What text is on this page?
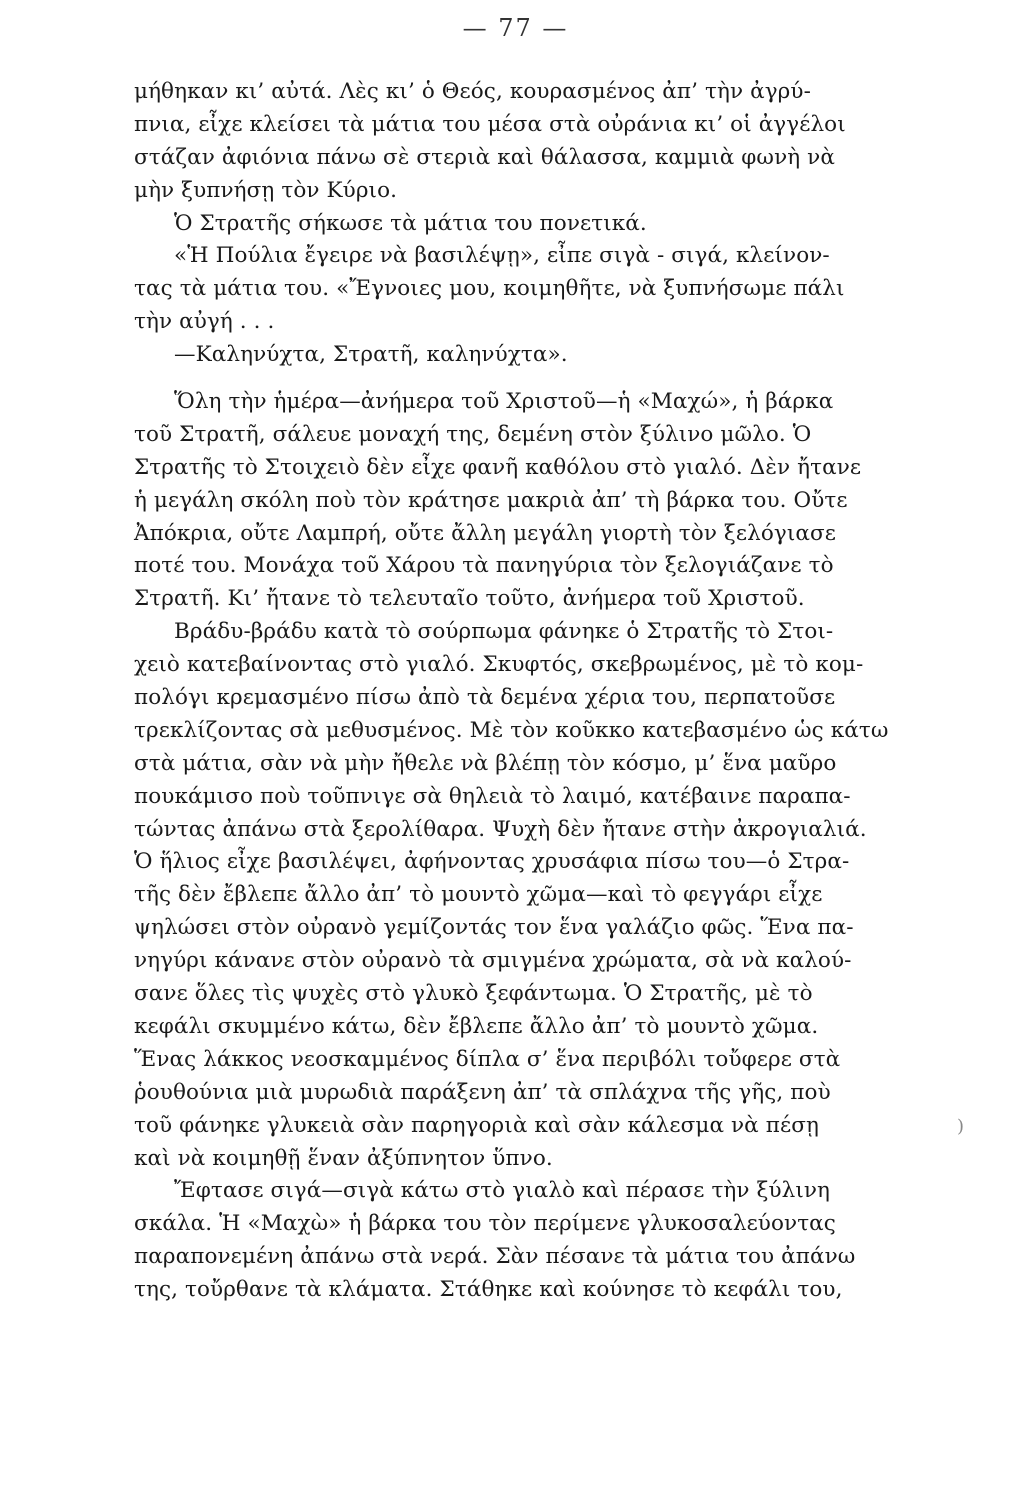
— 77 —
μήθηκαν κι’ αὐτά. Λὲς κι’ ὁ Θεός, κουρασμένος ἀπ’ τὴν ἀγρύ-
πνια, εἶχε κλείσει τὰ μάτια του μέσα στὰ οὐράνια κι’ οἱ ἀγγέλοι
στάζαν ἀφιόνια πάνω σὲ στεριὰ καὶ θάλασσα, καμμιὰ φωνὴ νὰ
μὴν ξυπνήσῃ τὸν Κύριο.
Ὁ Στρατῆς σήκωσε τὰ μάτια του πονετικά.
«Ἡ Πούλια ἔγειρε νὰ βασιλέψῃ», εἶπε σιγὰ - σιγά, κλείνον-
τας τὰ μάτια του. «Ἔγνοιες μου, κοιμηθῆτε, νὰ ξυπνήσωμε πάλι
τὴν αὐγή . . .
—Καληνύχτα, Στρατῆ, καληνύχτα».
Ὅλη τὴν ἡμέρα—ἀνήμερα τοῦ Χριστοῦ—ἡ «Μαχώ», ἡ βάρκα
τοῦ Στρατῆ, σάλευε μοναχή της, δεμένη στὸν ξύλινο μῶλο. Ὁ
Στρατῆς τὸ Στοιχειὸ δὲν εἶχε φανῆ καθόλου στὸ γιαλό. Δὲν ἤτανε
ἡ μεγάλη σκόλη ποὺ τὸν κράτησε μακριὰ ἀπ’ τὴ βάρκα του. Οὔτε
Ἀπόκρια, οὔτε Λαμπρή, οὔτε ἄλλη μεγάλη γιορτὴ τὸν ξελόγιασε
ποτέ του. Μονάχα τοῦ Χάρου τὰ πανηγύρια τὸν ξελογιάζανε τὸ
Στρατῆ. Κι’ ἤτανε τὸ τελευταῖο τοῦτο, ἀνήμερα τοῦ Χριστοῦ.
Βράδυ-βράδυ κατὰ τὸ σούρπωμα φάνηκε ὁ Στρατῆς τὸ Στοι-
χειὸ κατεβαίνοντας στὸ γιαλό. Σκυφτός, σκεβρωμένος, μὲ τὸ κομ-
πολόγι κρεμασμένο πίσω ἀπὸ τὰ δεμένα χέρια του, περπατοῦσε
τρεκλίζοντας σὰ μεθυσμένος. Μὲ τὸν κοῦκκο κατεβασμένο ὡς κάτω
στὰ μάτια, σὰν νὰ μὴν ἤθελε νὰ βλέπῃ τὸν κόσμο, μ’ ἕνα μαῦρο
πουκάμισο ποὺ τοῦπνιγε σὰ θηλειὰ τὸ λαιμό, κατέβαινε παραπα-
τώντας ἀπάνω στὰ ξερολίθαρα. Ψυχὴ δὲν ἤτανε στὴν ἀκρογιαλιά.
Ὁ ἥλιος εἶχε βασιλέψει, ἀφήνοντας χρυσάφια πίσω του—ὁ Στρα-
τῆς δὲν ἔβλεπε ἄλλο ἀπ’ τὸ μουντὸ χῶμα—καὶ τὸ φεγγάρι εἶχε
ψηλώσει στὸν οὐρανὸ γεμίζοντάς τον ἕνα γαλάζιο φῶς. Ἕνα πα-
νηγύρι κάνανε στὸν οὐρανὸ τὰ σμιγμένα χρώματα, σὰ νὰ καλού-
σανε ὅλες τὶς ψυχὲς στὸ γλυκὸ ξεφάντωμα. Ὁ Στρατῆς, μὲ τὸ
κεφάλι σκυμμένο κάτω, δὲν ἔβλεπε ἄλλο ἀπ’ τὸ μουντὸ χῶμα.
Ἕνας λάκκος νεοσκαμμένος δίπλα σ’ ἕνα περιβόλι τοὔφερε στὰ
ῥουθούνια μιὰ μυρωδιὰ παράξενη ἀπ’ τὰ σπλάχνα τῆς γῆς, ποὺ
τοῦ φάνηκε γλυκειὰ σὰν παρηγοριὰ καὶ σὰν κάλεσμα νὰ πέσῃ
καὶ νὰ κοιμηθῇ ἕναν ἀξύπνητον ὕπνο.
Ἔφτασε σιγά—σιγὰ κάτω στὸ γιαλὸ καὶ πέρασε τὴν ξύλινη
σκάλα. Ἡ «Μαχὼ» ἡ βάρκα του τὸν περίμενε γλυκοσαλεύοντας
παραπονεμένη ἀπάνω στὰ νερά. Σὰν πέσανε τὰ μάτια του ἀπάνω
της, τοὔρθανε τὰ κλάματα. Στάθηκε καὶ κούνησε τὸ κεφάλι του,
)
